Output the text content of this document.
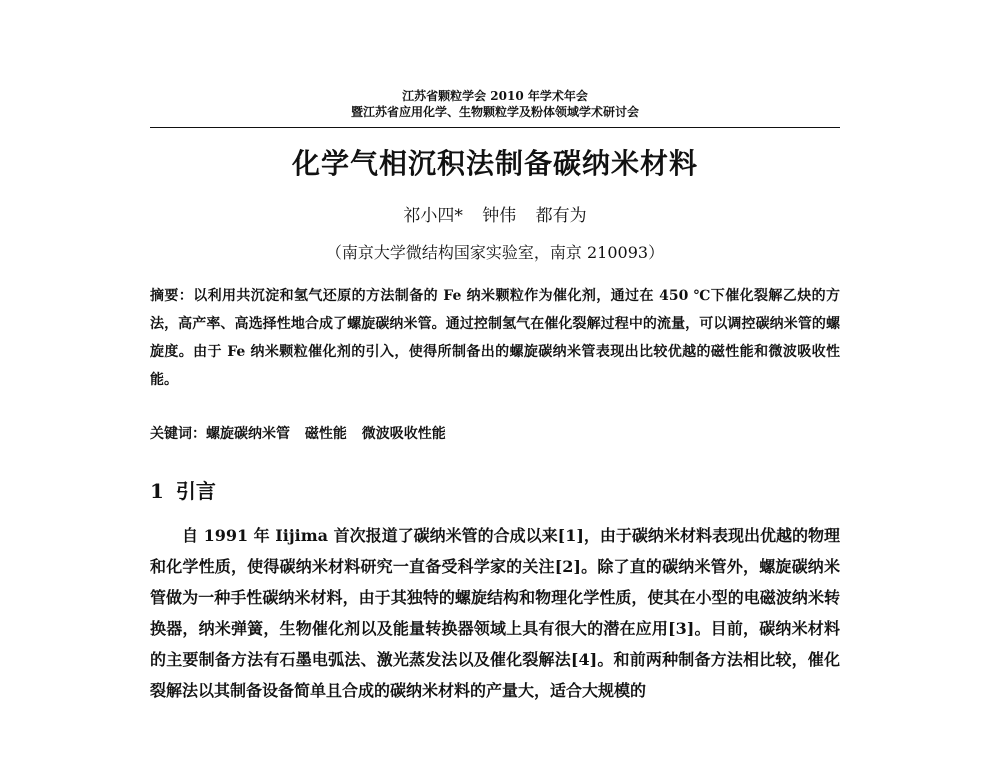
江苏省颗粒学会 2010 年学术年会
暨江苏省应用化学、生物颗粒学及粉体领域学术研讨会
化学气相沉积法制备碳纳米材料
祁小四* 钟伟 都有为
（南京大学微结构国家实验室，南京 210093）
摘要：以利用共沉淀和氢气还原的方法制备的 Fe 纳米颗粒作为催化剂，通过在 450 ℃下催化裂解乙炔的方法，高产率、高选择性地合成了螺旋碳纳米管。通过控制氢气在催化裂解过程中的流量，可以调控碳纳米管的螺旋度。由于 Fe 纳米颗粒催化剂的引入，使得所制备出的螺旋碳纳米管表现出比较优越的磁性能和微波吸收性能。
关键词：螺旋碳纳米管 磁性能 微波吸收性能
1 引言
自 1991 年 Iijima 首次报道了碳纳米管的合成以来[1]，由于碳纳米材料表现出优越的物理和化学性质，使得碳纳米材料研究一直备受科学家的关注[2]。除了直的碳纳米管外，螺旋碳纳米管做为一种手性碳纳米材料，由于其独特的螺旋结构和物理化学性质，使其在小型的电磁波纳米转换器，纳米弹簧，生物催化剂以及能量转换器领域上具有很大的潜在应用[3]。目前，碳纳米材料的主要制备方法有石墨电弧法、激光蒸发法以及催化裂解法[4]。和前两种制备方法相比较，催化裂解法以其制备设备简单且合成的碳纳米材料的产量大，适合大规模的
